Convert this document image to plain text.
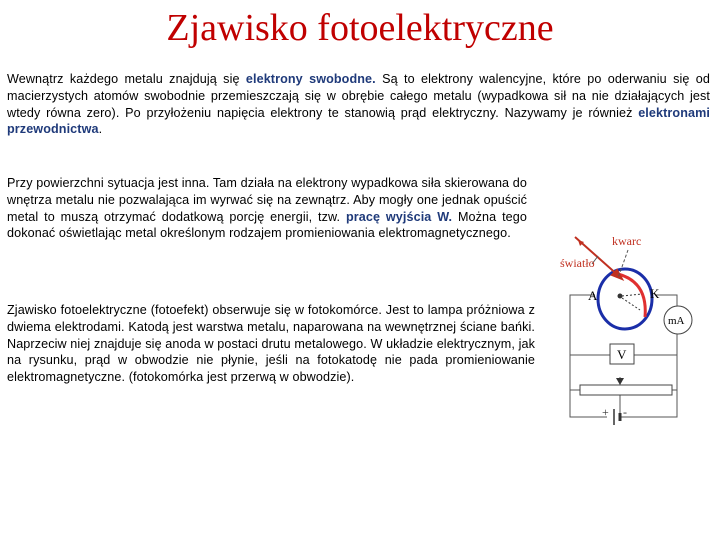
Zjawisko fotoelektryczne
Wewnątrz każdego metalu znajdują się elektrony swobodne. Są to elektrony walencyjne, które po oderwaniu się od macierzystych atomów swobodnie przemieszczają się w obrębie całego metalu (wypadkowa sił na nie działających jest wtedy równa zero). Po przyłożeniu napięcia elektrony te stanowią prąd elektryczny. Nazywamy je również elektronami przewodnictwa.
Przy powierzchni sytuacja jest inna. Tam działa na elektrony wypadkowa siła skierowana do wnętrza metalu nie pozwalająca im wyrwać się na zewnątrz. Aby mogły one jednak opuścić metal to muszą otrzymać dodatkową porcję energii, tzw. pracę wyjścia W. Można tego dokonać oświetlając metal określonym rodzajem promieniowania elektromagnetycznego.
Zjawisko fotoelektryczne (fotoefekt) obserwuje się w fotokomórce. Jest to lampa próżniowa z dwiema elektrodami. Katodą jest warstwa metalu, naparowana na wewnętrznej ściane bańki. Naprzeciw niej znajduje się anoda w postaci drutu metalowego. W układzie elektrycznym, jak na rysunku, prąd w obwodzie nie płynie, jeśli na fotokatodę nie pada promieniowanie elektromagnetyczne. (fotokomórka jest przerwą w obwodzie).
+ -
V
mA
kwarc
światło
A	K
